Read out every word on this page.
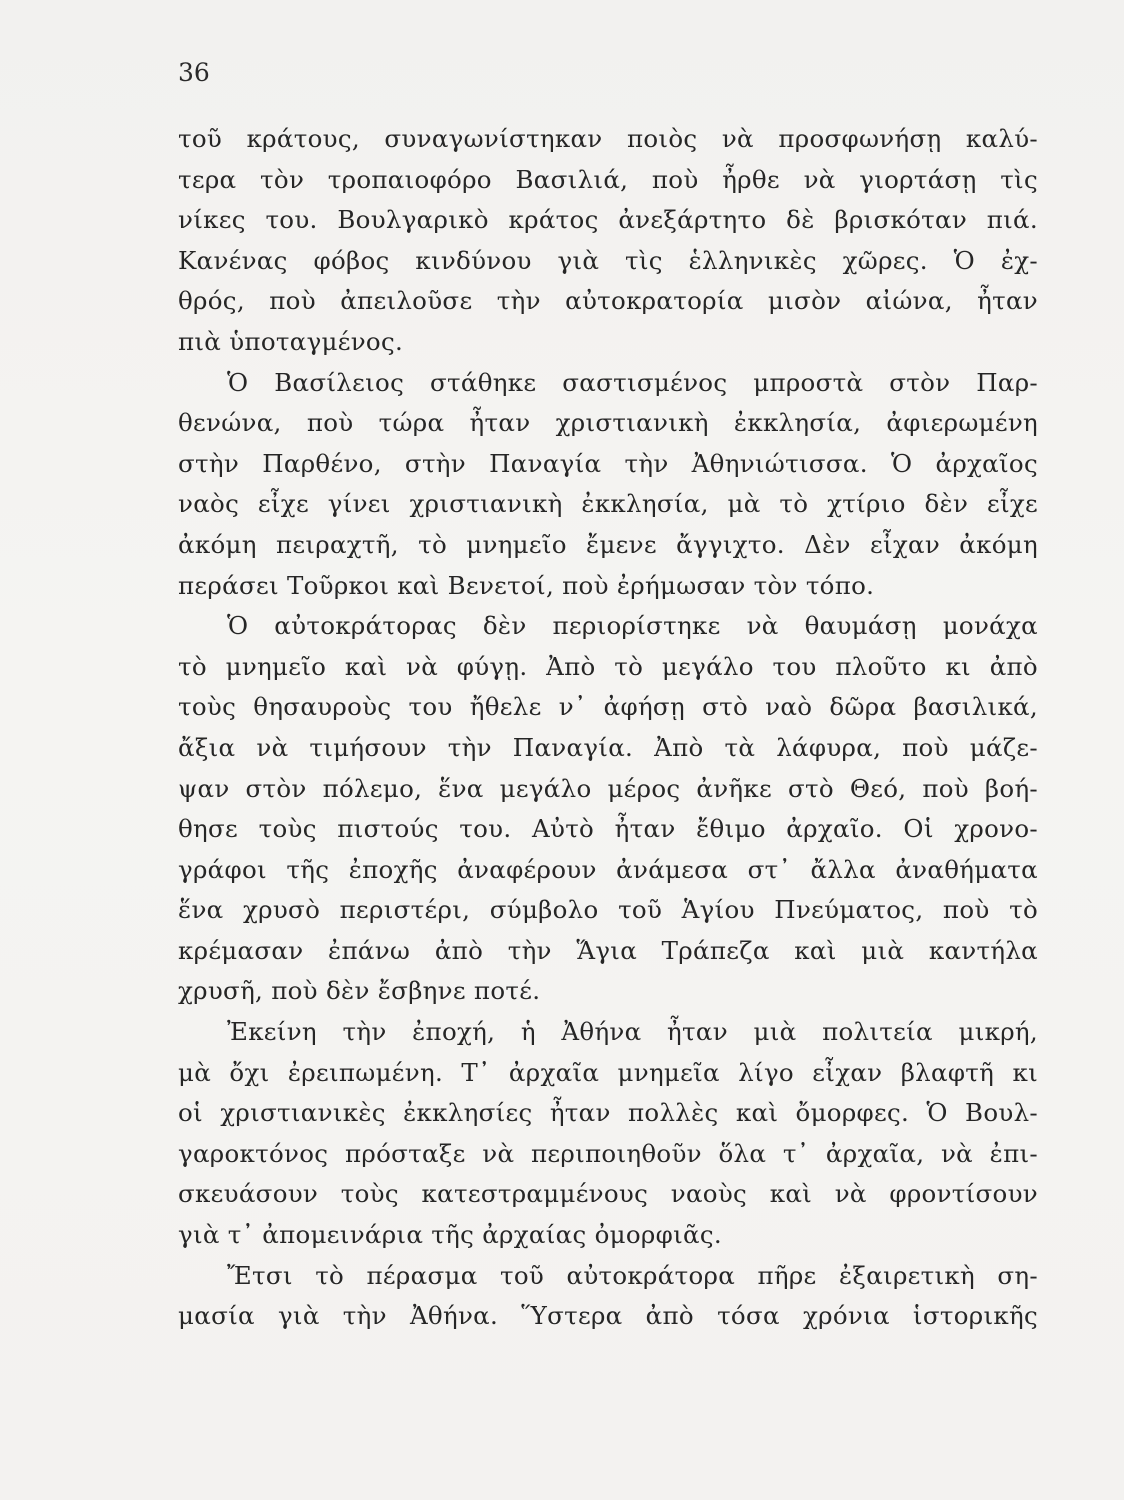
36

τοῦ κράτους, συναγωνίστηκαν ποιὸς νὰ προσφωνήσῃ καλύ-
τερα τὸν τροπαιοφόρο Βασιλιά, ποὺ ἦρθε νὰ γιορτάσῃ τὶς
νίκες του. Βουλγαρικὸ κράτος ἀνεξάρτητο δὲ βρισκόταν πιά.
Κανένας φόβος κινδύνου γιὰ τὶς ἑλληνικὲς χῶρες. Ὁ ἐχ-
θρός, ποὺ ἀπειλοῦσε τὴν αὐτοκρατορία μισὸν αἰώνα, ἦταν
πιὰ ὑποταγμένος.

Ὁ Βασίλειος στάθηκε σαστισμένος μπροστὰ στὸν Παρ-
θενώνα, ποὺ τώρα ἦταν χριστιανικὴ ἐκκλησία, ἀφιερωμένη
στὴν Παρθένο, στὴν Παναγία τὴν Ἀθηνιώτισσα. Ὁ ἀρχαῖος
ναὸς εἶχε γίνει χριστιανικὴ ἐκκλησία, μὰ τὸ χτίριο δὲν εἶχε
ἀκόμη πειραχτῆ, τὸ μνημεῖο ἔμενε ἄγγιχτο. Δὲν εἶχαν ἀκόμη
περάσει Τοῦρκοι καὶ Βενετοί, ποὺ ἐρήμωσαν τὸν τόπο.

Ὁ αὐτοκράτορας δὲν περιορίστηκε νὰ θαυμάσῃ μονάχα
τὸ μνημεῖο καὶ νὰ φύγῃ. Ἀπὸ τὸ μεγάλο του πλοῦτο κι ἀπὸ
τοὺς θησαυροὺς του ἤθελε ν᾿ ἀφήσῃ στὸ ναὸ δῶρα βασιλικά,
ἄξια νὰ τιμήσουν τὴν Παναγία. Ἀπὸ τὰ λάφυρα, ποὺ μάζε-
ψαν στὸν πόλεμο, ἕνα μεγάλο μέρος ἀνῆκε στὸ Θεό, ποὺ βοή-
θησε τοὺς πιστούς του. Αὐτὸ ἦταν ἔθιμο ἀρχαῖο. Οἱ χρονο-
γράφοι τῆς ἐποχῆς ἀναφέρουν ἀνάμεσα στ᾿ ἄλλα ἀναθήματα
ἕνα χρυσὸ περιστέρι, σύμβολο τοῦ Ἁγίου Πνεύματος, ποὺ τὸ
κρέμασαν ἐπάνω ἀπὸ τὴν Ἅγια Τράπεζα καὶ μιὰ καντήλα
χρυσῆ, ποὺ δὲν ἔσβηνε ποτέ.

Ἐκείνη τὴν ἐποχή, ἡ Ἀθήνα ἦταν μιὰ πολιτεία μικρή,
μὰ ὄχι ἐρειπωμένη. Τ᾿ ἀρχαῖα μνημεῖα λίγο εἶχαν βλαφτῆ κι
οἱ χριστιανικὲς ἐκκλησίες ἦταν πολλὲς καὶ ὄμορφες. Ὁ Βουλ-
γαροκτόνος πρόσταξε νὰ περιποιηθοῦν ὅλα τ᾿ ἀρχαῖα, νὰ ἐπι-
σκευάσουν τοὺς κατεστραμμένους ναοὺς καὶ νὰ φροντίσουν
γιὰ τ᾿ ἀπομεινάρια τῆς ἀρχαίας ὀμορφιᾶς.

Ἔτσι τὸ πέρασμα τοῦ αὐτοκράτορα πῆρε ἐξαιρετικὴ ση-
μασία γιὰ τὴν Ἀθήνα. Ὕστερα ἀπὸ τόσα χρόνια ἱστορικῆς
